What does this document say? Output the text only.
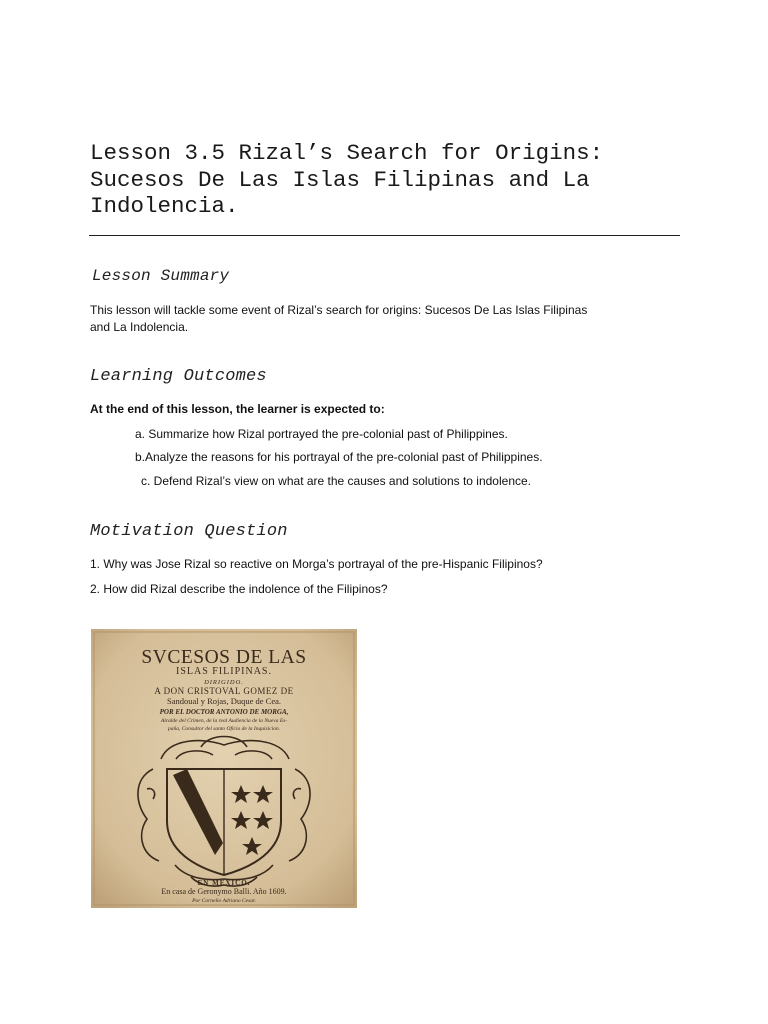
Lesson 3.5 Rizal’s Search for Origins:
Sucesos De Las Islas Filipinas and La
Indolencia.
Lesson Summary

This lesson will tackle some event of Rizal’s search for origins: Sucesos De Las Islas Filipinas
and La Indolencia.

Learning Outcomes

At the end of this lesson, the learner is expected to:

a. Summarize how Rizal portrayed the pre-colonial past of Philippines.

b.Analyze the reasons for his portrayal of the pre-colonial past of Philippines.

c. Defend Rizal’s view on what are the causes and solutions to indolence.

Motivation Question

1. Why was Jose Rizal so reactive on Morga’s portrayal of the pre-Hispanic Filipinos?

2. How did Rizal describe the indolence of the Filipinos?

SVCESOS DE LAS
ISLAS FILIPINAS.
DIRIGIDO.
A DON CRISTOVAL GOMEZ DE
Sandoual y Rojas, Duque de Cea.
POR EL DOCTOR ANTONIO DE MORGA,
Alcalde del Crimen, de la real Audiencia de la Nueva Es-
paña, Consultor del santo Oficio de la Inquisicion.
EN MEXICO.
En casa de Geronymo Balli. Año 1609.
Por Cornelio Adriano Cesar.
